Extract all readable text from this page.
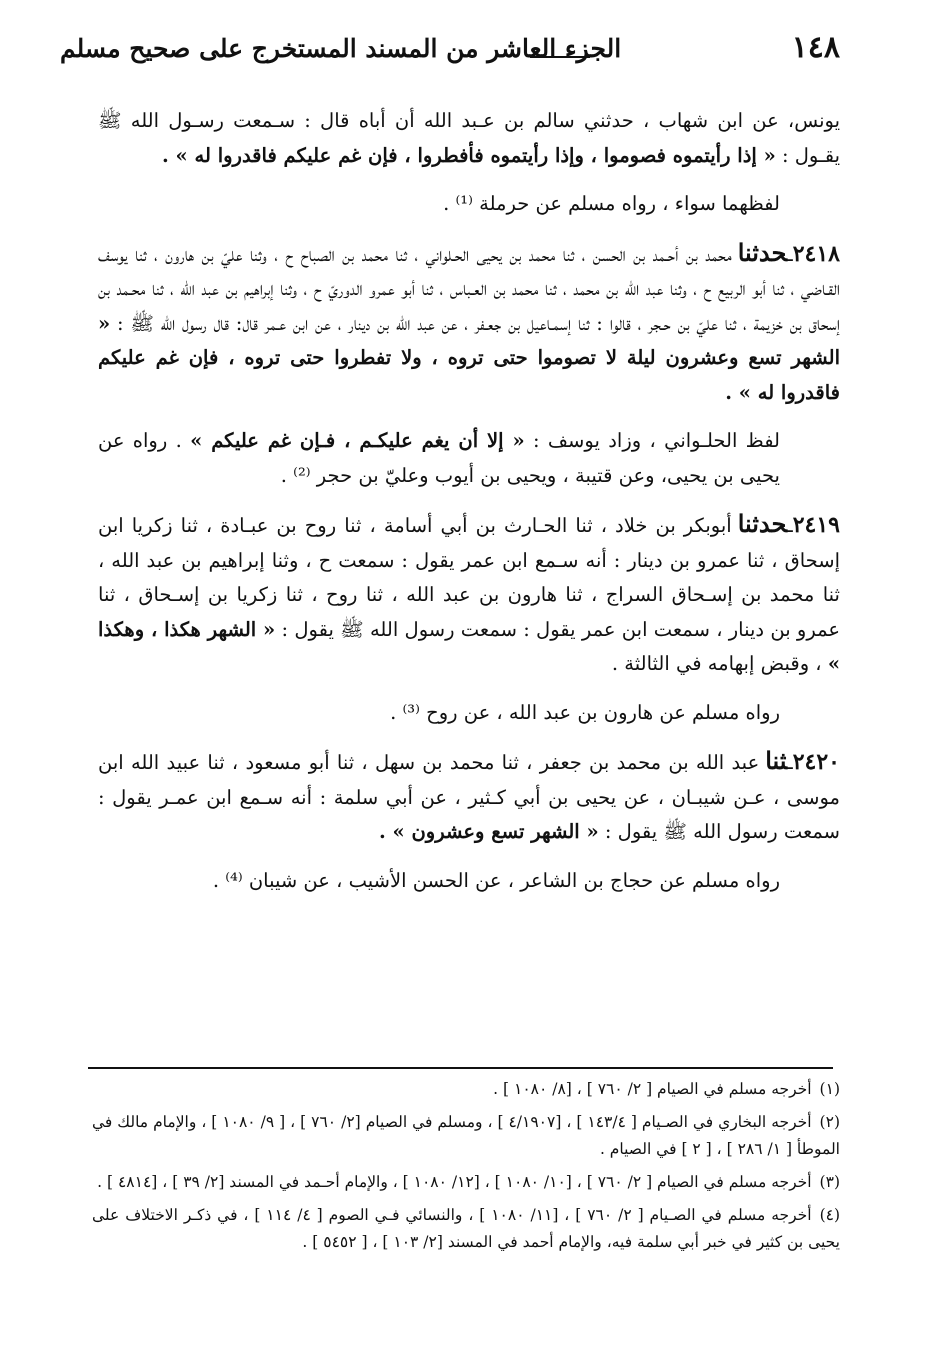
١٤٨
الجزء العاشر من المسند المستخرج على صحيح مسلم

يونس، عن ابن شهاب ، حدثني سالم بن عـبد الله أن أباه قال : سـمعت رسـول الله ﷺ يقـول : « إذا رأيتموه فصوموا ، وإذا رأيتموه فأفطروا ، فإن غم عليكم فاقدروا له » .

لفظهما سواء ، رواه مسلم عن حرملة ⁽¹⁾ .

٢٤١٨ـحدثنامحمد بن أحـمد بن الحسن ، ثنا محمد بن يحيى الحـلواني ، ثنا محمد بن الصباح ح ، وثنا عليّ بن هارون ، ثنا يوسف القـاضي ، ثنا أبو الربيع ح ، وثنا عبد الله بن محمد ، ثنا محمد بن العـباس ، ثنا أبو عمرو الدوريّ ح ، وثنا إبراهيم بن عبد الله ، ثنا محـمد بن إسحاق بن خزيمة ، ثنا عليّ بن حـجر ، قالوا : ثنا إسمـاعيل بن جعـفر ، عن عبد الله بن دينار ، عن ابن عـمر قال: قال رسول الله ﷺ : « الشهر تسع وعشرون ليلة لا تصوموا حتى تروه ، ولا تفطروا حتى تروه ، فإن غم عليكم فاقدروا له » .

لفظ الحلـواني ، وزاد يوسف : « إلا أن يغم عليكـم ، فـإن غم عليكم » . رواه عن يحيى بن يحيى، وعن قتيبة ، ويحيى بن أيوب وعليّ بن حجر ⁽²⁾ .

٢٤١٩ـحدثناأبوبكر بن خلاد ، ثنا الحـارث بن أبي أسامة ، ثنا روح بن عبـادة ، ثنا زكريا ابن إسحاق ، ثنا عمرو بن دينار : أنه سـمع ابن عمر يقول : سمعت ح ، وثنا إبراهيم بن عبد الله ، ثنا محمد بن إسـحاق السراج ، ثنا هارون بن عبد الله ، ثنا روح ، ثنا زكريا بن إسـحاق ، ثنا عمرو بن دينار ، سمعت ابن عمر يقول : سمعت رسول الله ﷺ يقول : « الشهر هكذا ، وهكذا » ، وقبض إبهامه في الثالثة .

رواه مسلم عن هارون بن عبد الله ، عن روح ⁽³⁾ .

٢٤٢٠ـثناعبد الله بن محمد بن جعفر ، ثنا محمد بن سهل ، ثنا أبو مسعود ، ثنا عبيد الله ابن موسى ، عـن شيبـان ، عن يحيى بن أبي كـثير ، عن أبي سلمة : أنه سـمع ابن عمـر يقول : سمعت رسول الله ﷺ يقول : « الشهر تسع وعشرون » .

رواه مسلم عن حجاج بن الشاعر ، عن الحسن الأشيب ، عن شيبان ⁽⁴⁾ .

(١)أخرجه مسلم في الصيام [ ٢/ ٧٦٠ ] ، [٨/ ١٠٨٠ ] .

(٢)أخرجه البخاري في الصـيام [ ١٤٣/٤ ] ، [٤/١٩٠٧ ] ، ومسلم في الصيام [٢/ ٧٦٠ ] ، [ ٩/ ١٠٨٠ ] ، والإمام مالك في الموطأ [ ١/ ٢٨٦ ] ، [ ٢ ] في الصيام .

(٣)أخرجه مسلم في الصيام [ ٢/ ٧٦٠ ] ، [١٠/ ١٠٨٠ ] ، [١٢/ ١٠٨٠ ] ، والإمام أحـمد في المسند [٢/ ٣٩ ] ، [٤٨١٤ ] .

(٤)أخرجه مسلم في الصـيام [ ٢/ ٧٦٠ ] ، [١١/ ١٠٨٠ ] ، والنسائي فـي الصوم [ ٤/ ١١٤ ] ، في ذكـر الاختلاف على يحيى بن كثير في خبر أبي سلمة فيه، والإمام أحمد في المسند [٢/ ١٠٣ ] ، [ ٥٤٥٢ ] .
